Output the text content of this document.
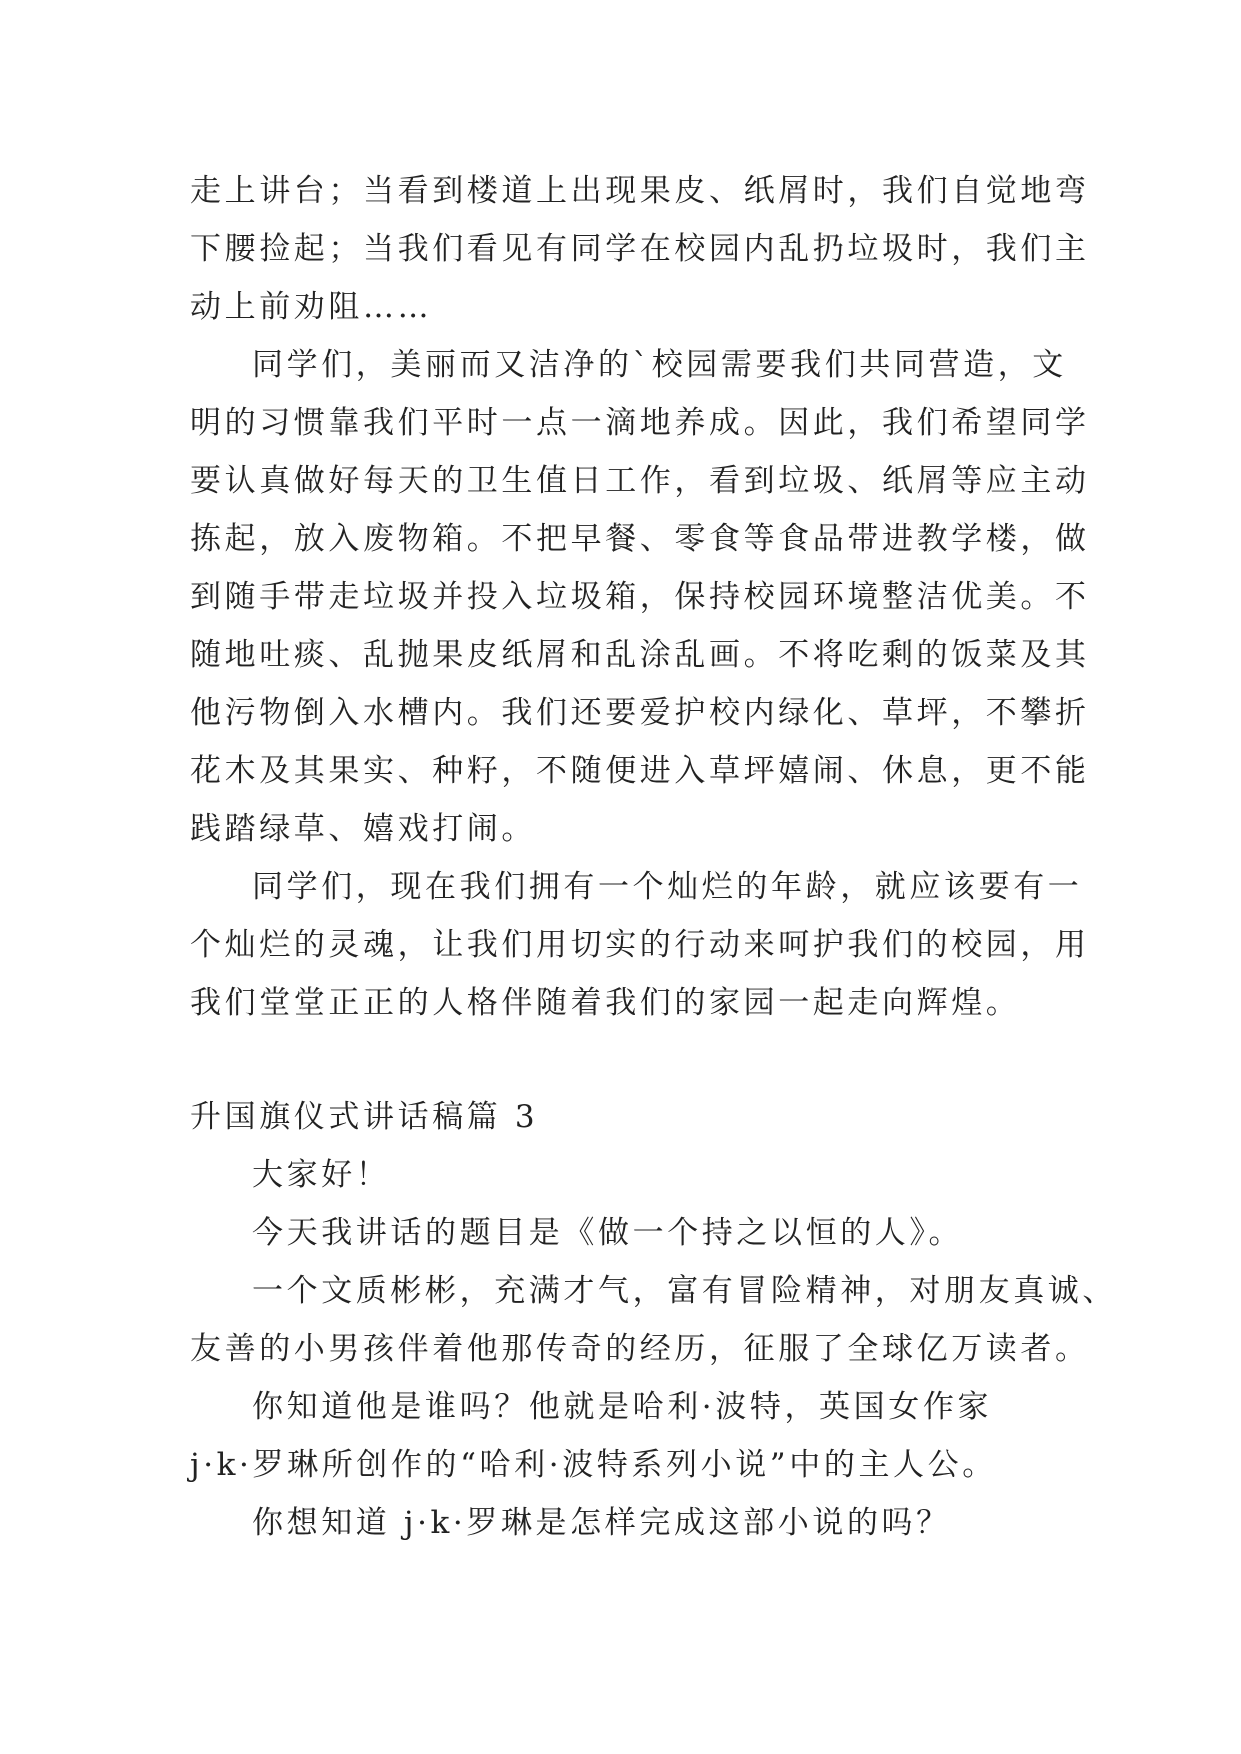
走上讲台；当看到楼道上出现果皮、纸屑时，我们自觉地弯
下腰捡起；当我们看见有同学在校园内乱扔垃圾时，我们主
动上前劝阻……
同学们，美丽而又洁净的`校园需要我们共同营造，文
明的习惯靠我们平时一点一滴地养成。因此，我们希望同学
要认真做好每天的卫生值日工作，看到垃圾、纸屑等应主动
拣起，放入废物箱。不把早餐、零食等食品带进教学楼，做
到随手带走垃圾并投入垃圾箱，保持校园环境整洁优美。不
随地吐痰、乱抛果皮纸屑和乱涂乱画。不将吃剩的饭菜及其
他污物倒入水槽内。我们还要爱护校内绿化、草坪，不攀折
花木及其果实、种籽，不随便进入草坪嬉闹、休息，更不能
践踏绿草、嬉戏打闹。
同学们，现在我们拥有一个灿烂的年龄，就应该要有一
个灿烂的灵魂，让我们用切实的行动来呵护我们的校园，用
我们堂堂正正的人格伴随着我们的家园一起走向辉煌。
升国旗仪式讲话稿篇 3
大家好！
今天我讲话的题目是《做一个持之以恒的人》。
一个文质彬彬，充满才气，富有冒险精神，对朋友真诚、
友善的小男孩伴着他那传奇的经历，征服了全球亿万读者。
你知道他是谁吗？他就是哈利·波特，英国女作家
j·k·罗琳所创作的“哈利·波特系列小说”中的主人公。
你想知道 j·k·罗琳是怎样完成这部小说的吗？
